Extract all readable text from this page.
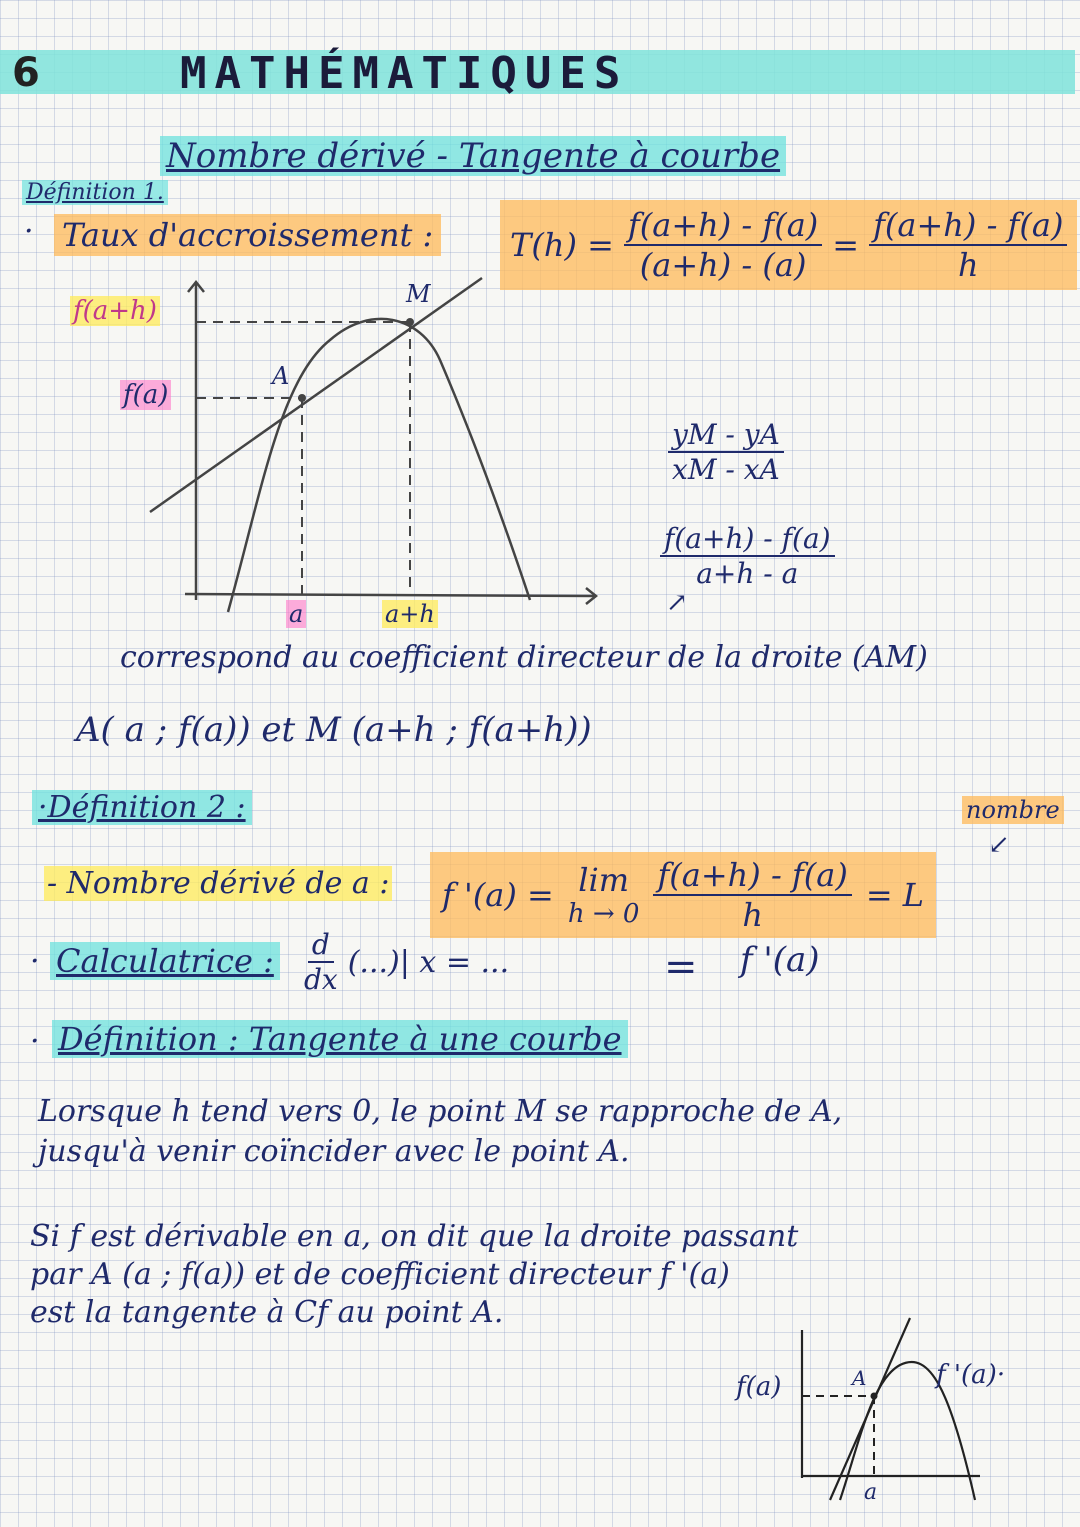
6	MATHÉMATIQUES
Nombre dérivé - Tangente à courbe
Définition 1.
· Taux d'accroissement : $T(h) = \frac{f(a+h) - f(a)}{(a+h) - (a)} = \frac{f(a+h) - f(a)}{h}$
f(a+h)
f(a)
A
M
a	a+h
$\frac{yM - yA}{xM - xA}$
$\frac{f(a+h) - f(a)}{a+h - a}$
↗
correspond au coefficient directeur de la droite (AM)
A( a ; f(a)) et M (a+h ; f(a+h))
·Définition 2 :	nombre
↙
- Nombre dérivé de a : f '(a) = lim
$h \to 0 \frac{f(a+h) - f(a)}{h} = L$
· Calculatrice : $\frac{d}{dx}$ (...)| x = ...	= f '(a)
· Définition : Tangente à une courbe
Lorsque h tend vers 0, le point M se rapproche de A,
jusqu'à venir coïncider avec le point A.
Si f est dérivable en a, on dit que la droite passant
par A (a ; f(a)) et de coefficient directeur f '(a)
est la tangente à Cf au point A.
f(a)	A	f '(a)·
a
